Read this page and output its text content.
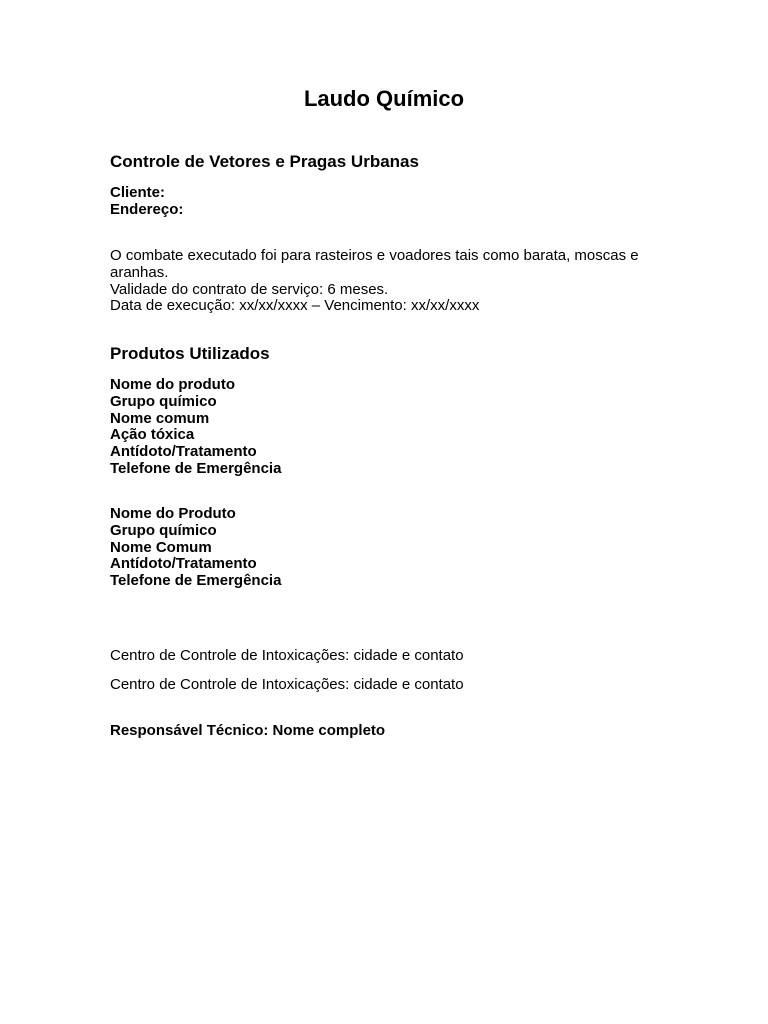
Laudo Químico
Controle de Vetores e Pragas Urbanas
Cliente:
Endereço:
O combate executado foi para rasteiros e voadores tais como barata, moscas e
aranhas.
Validade do contrato de serviço: 6 meses.
Data de execução: xx/xx/xxxx – Vencimento: xx/xx/xxxx
Produtos Utilizados
Nome do produto
Grupo químico
Nome comum
Ação tóxica
Antídoto/Tratamento
Telefone de Emergência
Nome do Produto
Grupo químico
Nome Comum
Antídoto/Tratamento
Telefone de Emergência
Centro de Controle de Intoxicações: cidade e contato
Centro de Controle de Intoxicações: cidade e contato
Responsável Técnico: Nome completo
